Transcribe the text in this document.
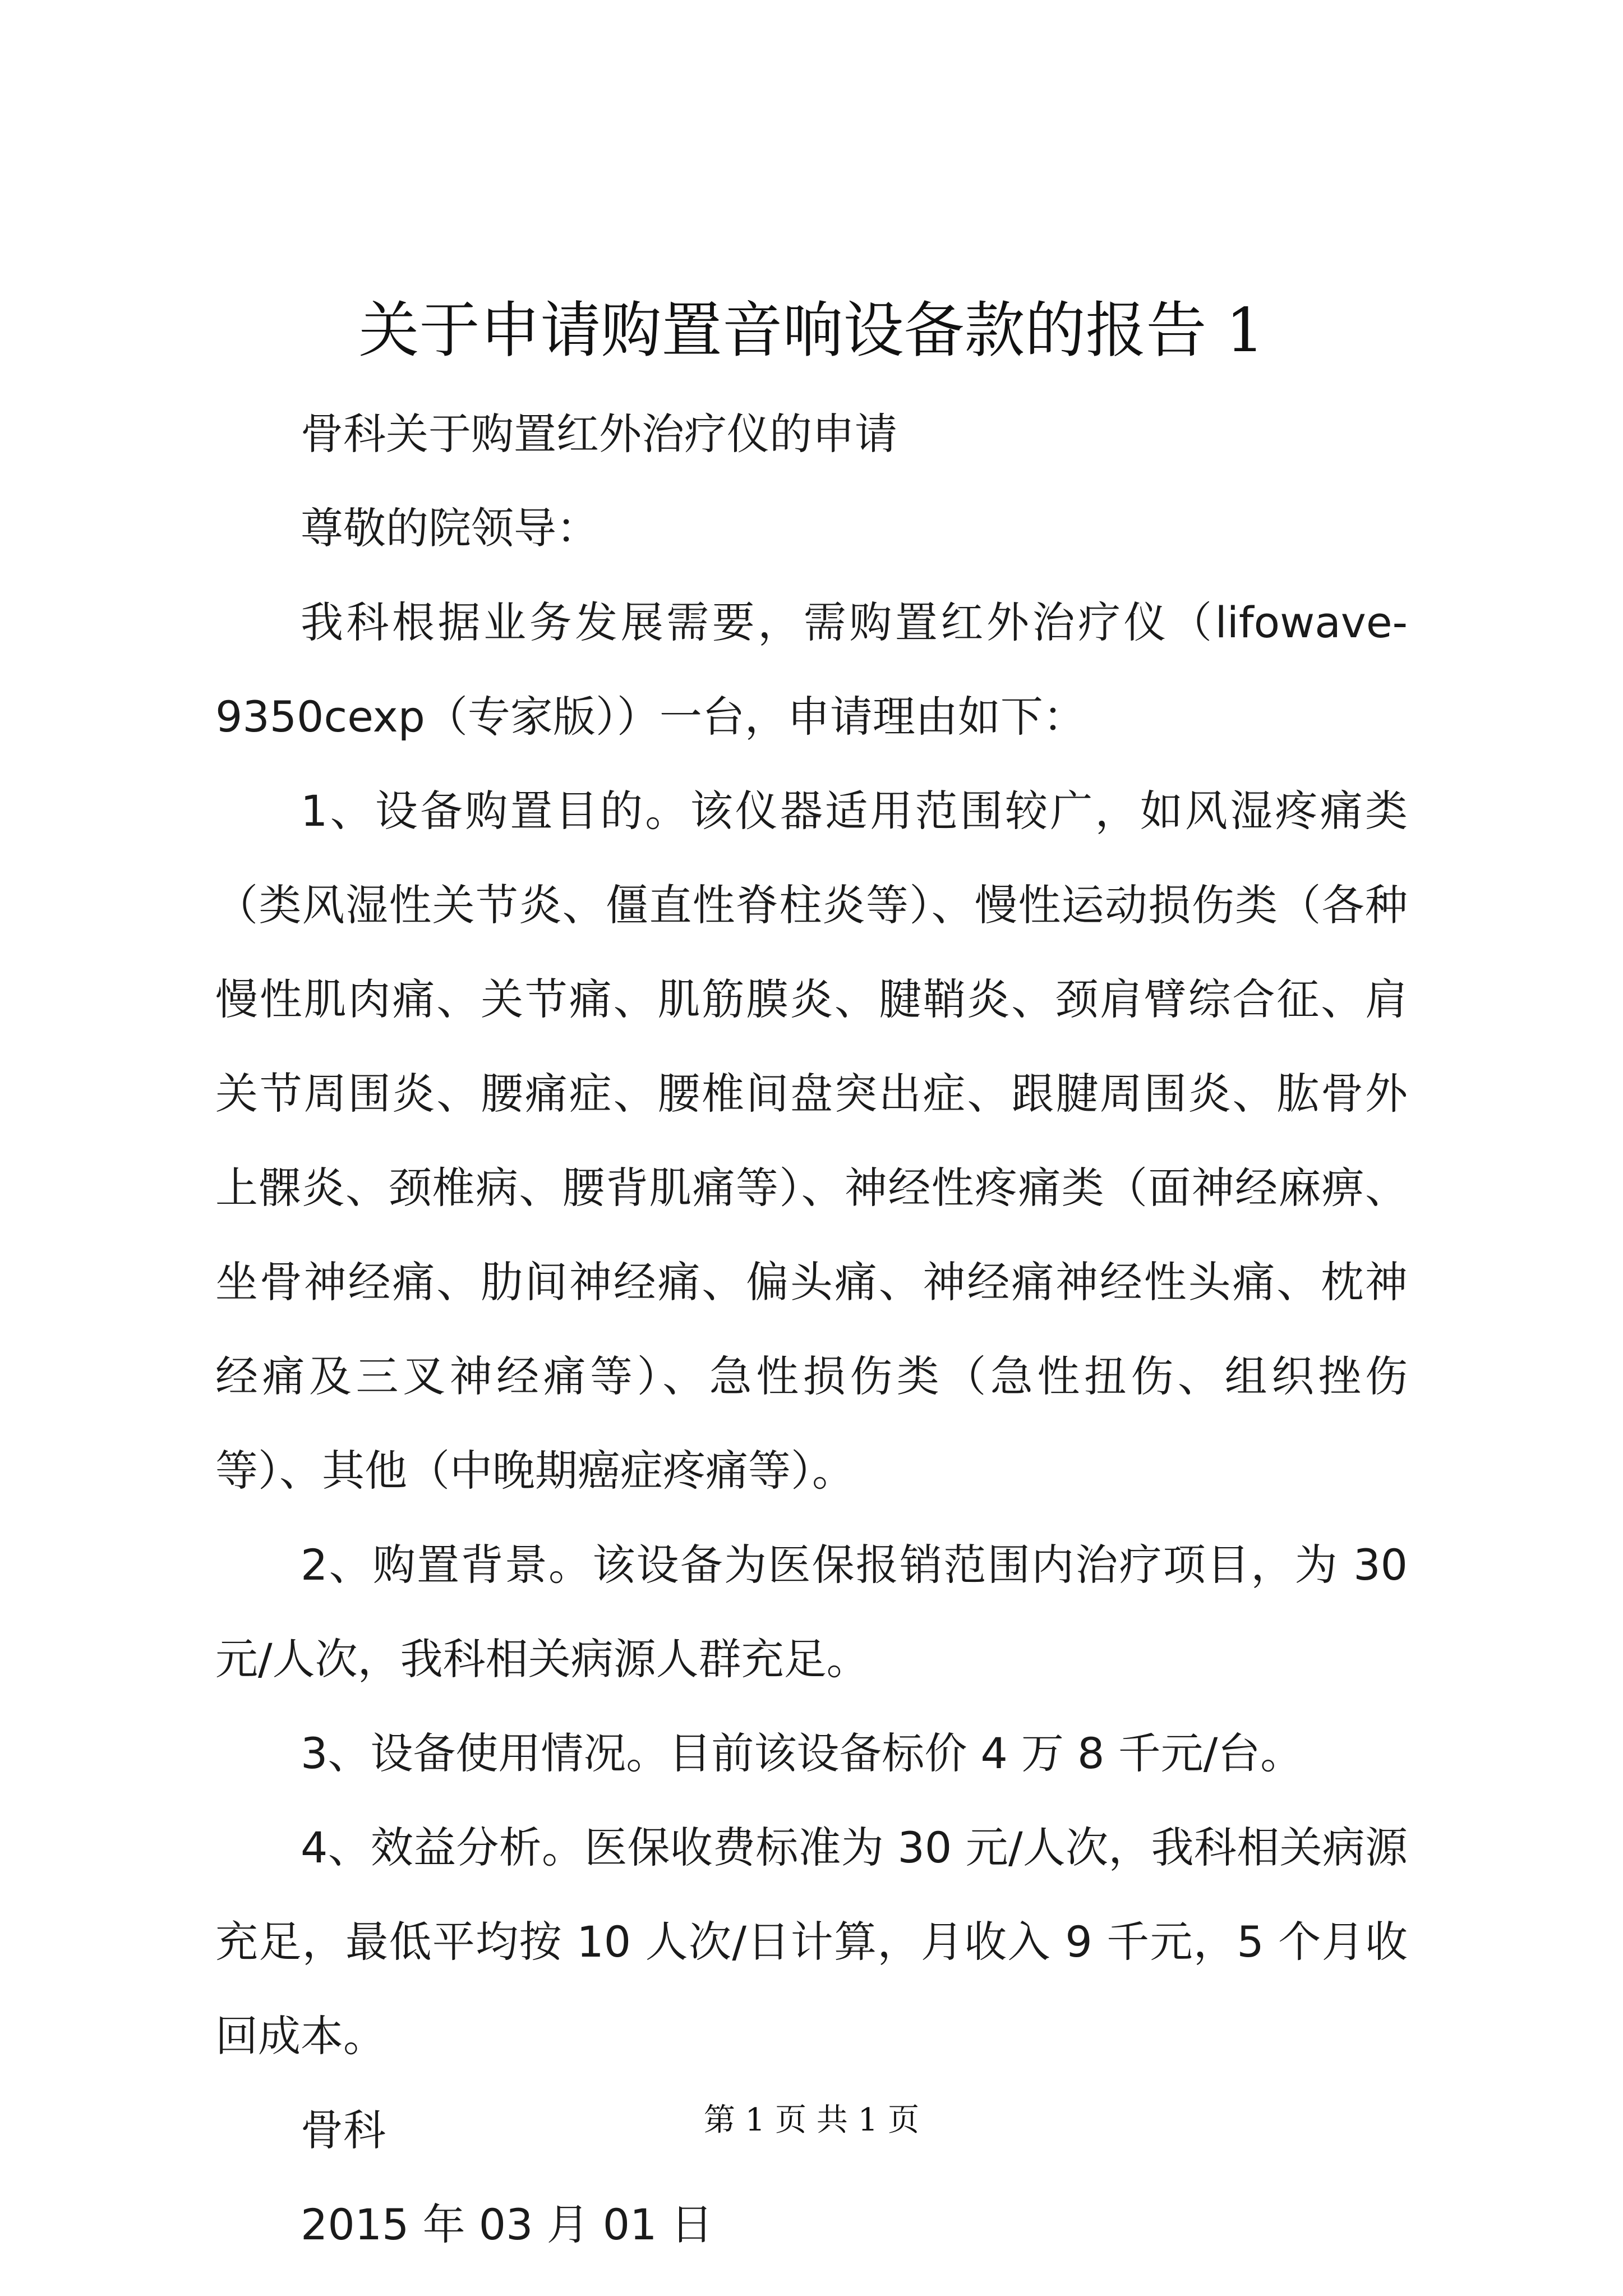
关于申请购置音响设备款的报告 1

骨科关于购置红外治疗仪的申请

尊敬的院领导：

我科根据业务发展需要，需购置红外治疗仪（lifowave-9350cexp（专家版））一台，申请理由如下：

1、设备购置目的。该仪器适用范围较广，如风湿疼痛类（类风湿性关节炎、僵直性脊柱炎等）、慢性运动损伤类（各种慢性肌肉痛、关节痛、肌筋膜炎、腱鞘炎、颈肩臂综合征、肩关节周围炎、腰痛症、腰椎间盘突出症、跟腱周围炎、肱骨外上髁炎、颈椎病、腰背肌痛等）、神经性疼痛类（面神经麻痹、坐骨神经痛、肋间神经痛、偏头痛、神经痛神经性头痛、枕神经痛及三叉神经痛等）、急性损伤类（急性扭伤、组织挫伤等）、其他（中晚期癌症疼痛等）。

2、购置背景。该设备为医保报销范围内治疗项目，为 30 元/人次，我科相关病源人群充足。

3、设备使用情况。目前该设备标价 4 万 8 千元/台。

4、效益分析。医保收费标准为 30 元/人次，我科相关病源充足，最低平均按 10 人次/日计算，月收入 9 千元，5 个月收回成本。

骨科

2015 年 03 月 01 日

第 1 页 共 1 页
